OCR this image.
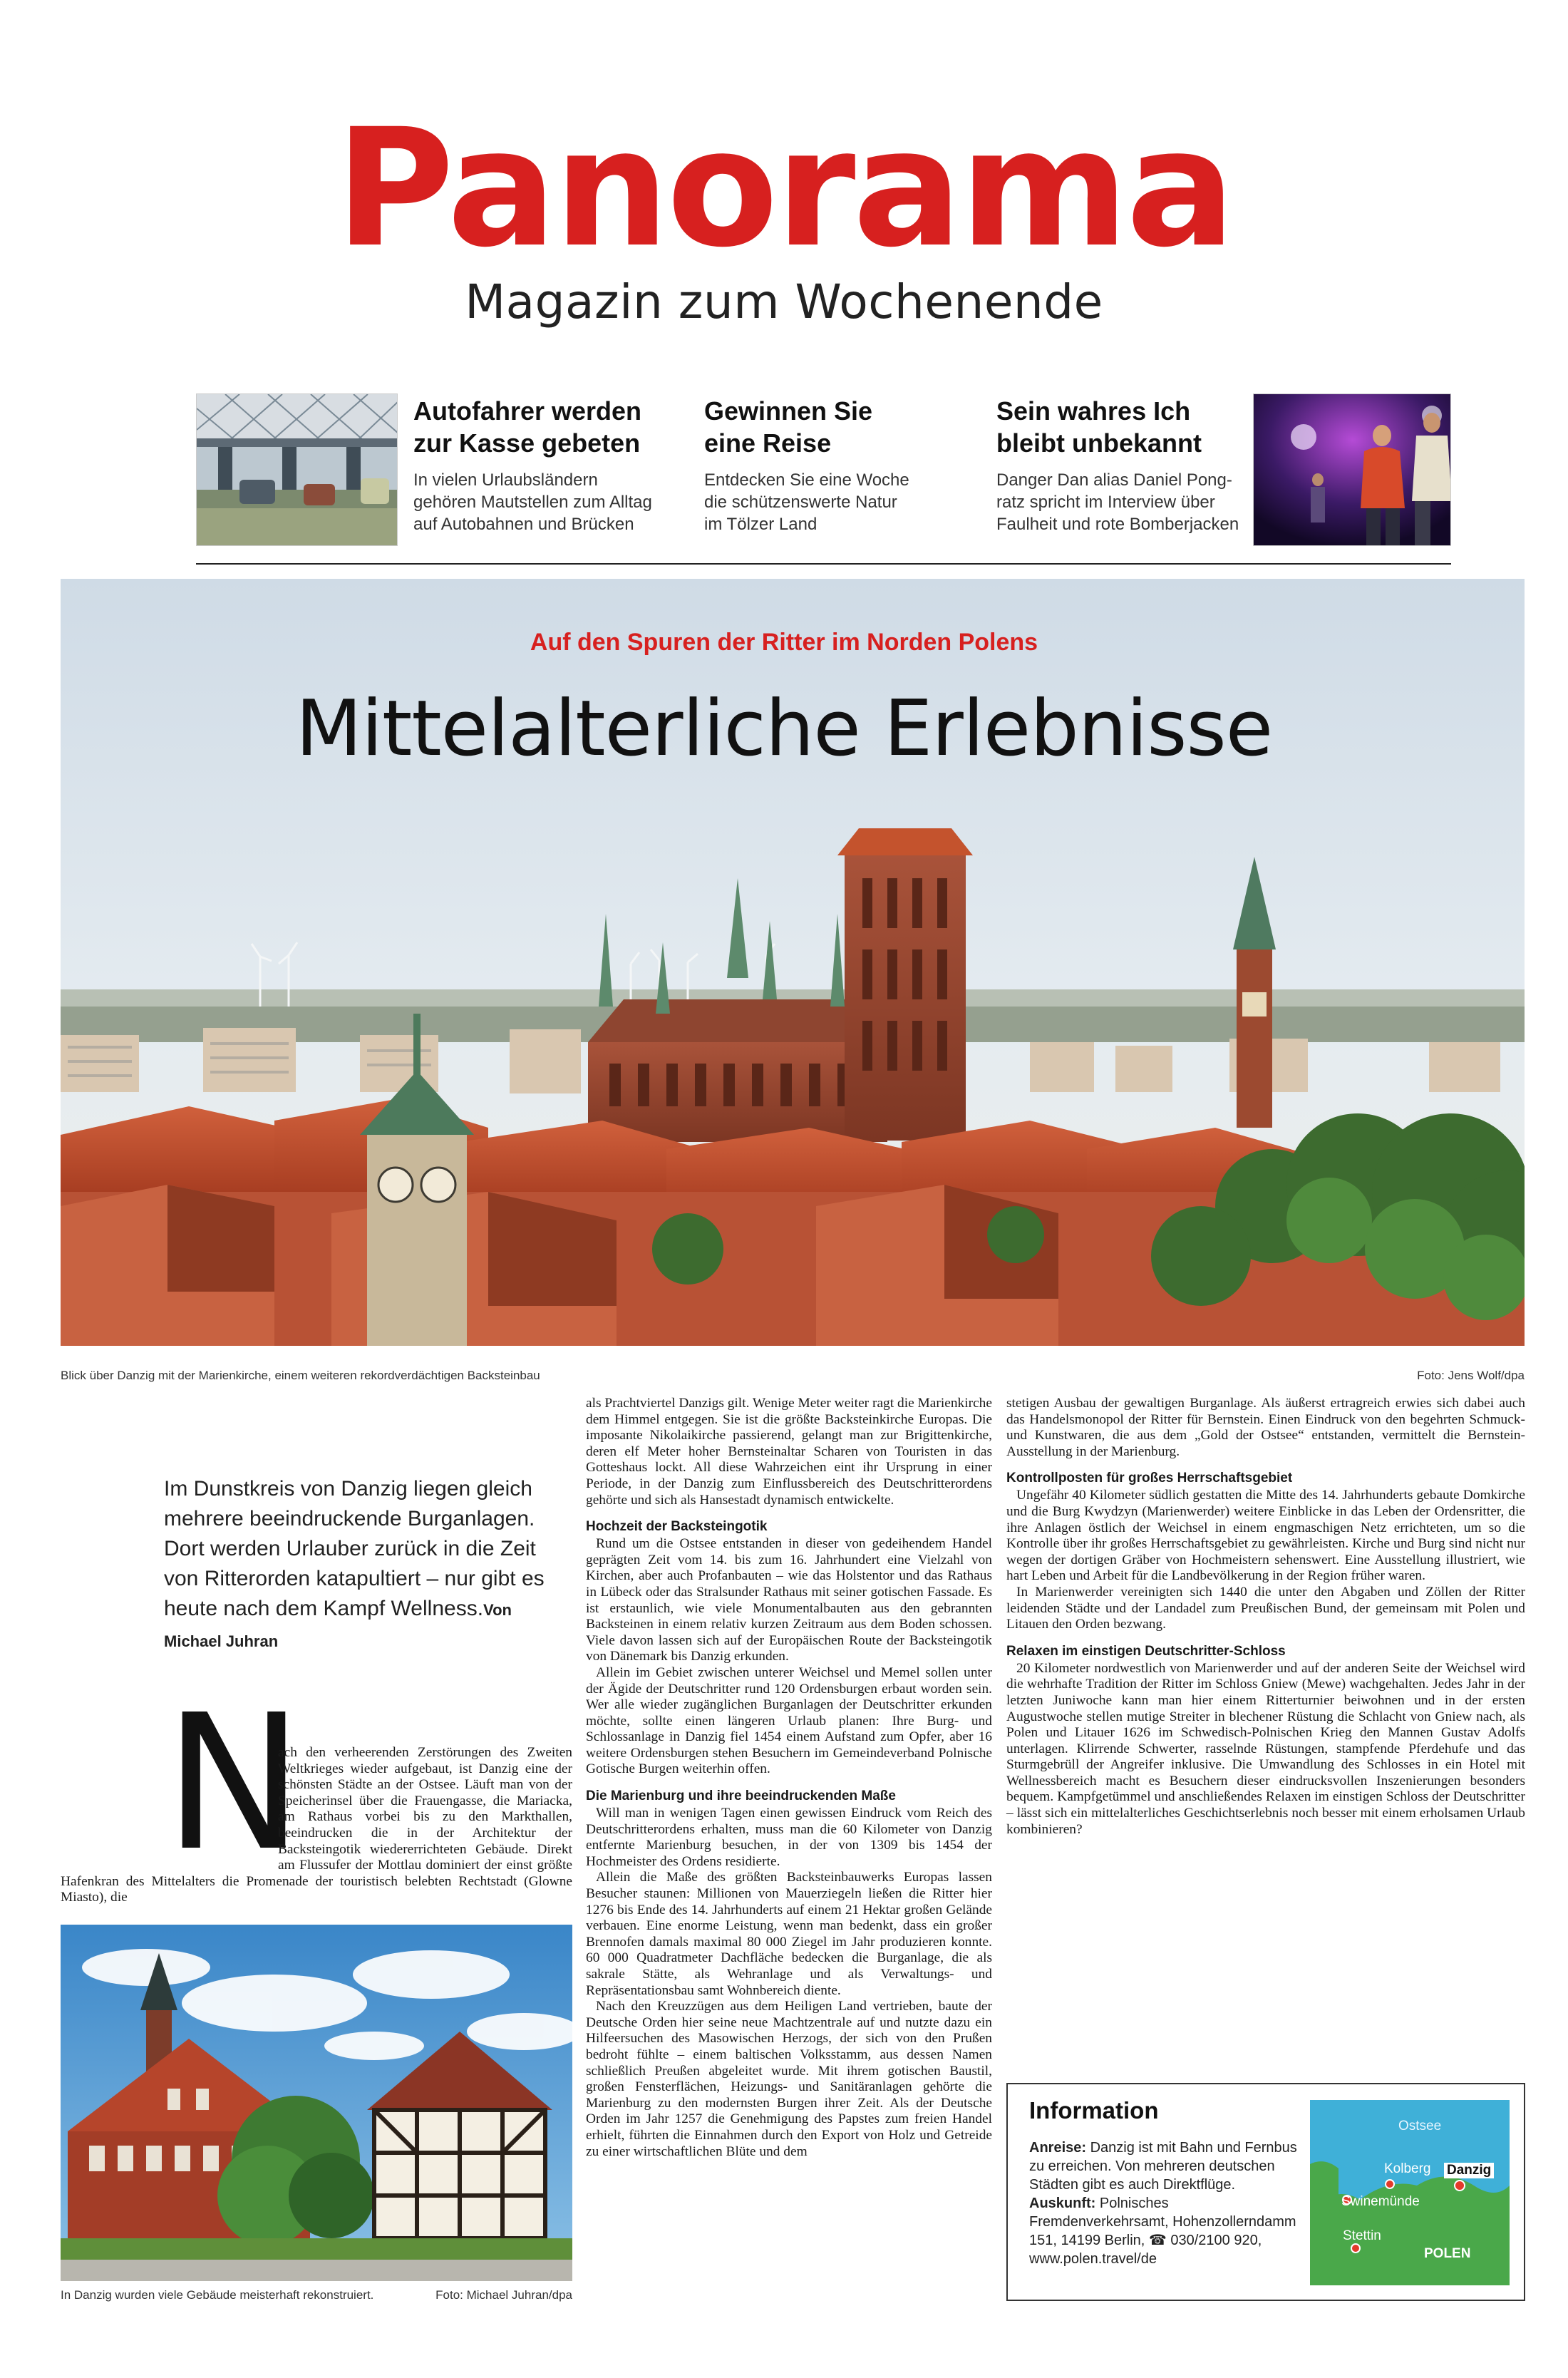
Panorama
Magazin zum Wochenende
Autofahrer werden
zur Kasse gebeten
In vielen Urlaubsländern
gehören Mautstellen zum Alltag
auf Autobahnen und Brücken
Gewinnen Sie
eine Reise
Entdecken Sie eine Woche
die schützenswerte Natur
im Tölzer Land
Sein wahres Ich
bleibt unbekannt
Danger Dan alias Daniel Pong-
ratz spricht im Interview über
Faulheit und rote Bomberjacken
Auf den Spuren der Ritter im Norden Polens
Mittelalterliche Erlebnisse
Blick über Danzig mit der Marienkirche, einem weiteren rekordverdächtigen Backsteinbau	Foto: Jens Wolf/dpa
Im Dunstkreis von Danzig liegen gleich mehrere beeindruckende Burganlagen. Dort werden Urlauber zurück in die Zeit von Ritterorden katapultiert – nur gibt es heute nach dem Kampf Wellness.Von Michael Juhran
N

ach den verheerenden Zerstörungen des Zweiten Weltkrieges wieder aufgebaut, ist Danzig eine der schönsten Städte an der Ostsee. Läuft man von der Speicherinsel über die Frauengasse, die Mariacka, am Rathaus vorbei bis zu den Markthallen, beeindrucken die in der Architektur der Backsteingotik wiedererrichteten Gebäude. Direkt am Flussufer der Mottlau dominiert der einst größte Hafenkran des Mittelalters die Promenade der touristisch belebten Rechtstadt (Glowne Miasto), die

In Danzig wurden viele Gebäude meisterhaft rekonstruiert.	Foto: Michael Juhran/dpa

als Prachtviertel Danzigs gilt. Wenige Meter weiter ragt die Marienkirche dem Himmel entgegen. Sie ist die größte Backsteinkirche Europas. Die imposante Nikolaikirche passierend, gelangt man zur Brigittenkirche, deren elf Meter hoher Bernsteinaltar Scharen von Touristen in das Gotteshaus lockt. All diese Wahrzeichen eint ihr Ursprung in einer Periode, in der Danzig zum Einflussbereich des Deutschritterordens gehörte und sich als Hansestadt dynamisch entwickelte.

Hochzeit der Backsteingotik

Rund um die Ostsee entstanden in dieser von gedeihendem Handel geprägten Zeit vom 14. bis zum 16. Jahrhundert eine Vielzahl von Kirchen, aber auch Profanbauten – wie das Holstentor und das Rathaus in Lübeck oder das Stralsunder Rathaus mit seiner gotischen Fassade. Es ist erstaunlich, wie viele Monumentalbauten aus den gebrannten Backsteinen in einem relativ kurzen Zeitraum aus dem Boden schossen. Viele davon lassen sich auf der Europäischen Route der Backsteingotik von Dänemark bis Danzig erkunden.

Allein im Gebiet zwischen unterer Weichsel und Memel sollen unter der Ägide der Deutschritter rund 120 Ordensburgen erbaut worden sein. Wer alle wieder zugänglichen Burganlagen der Deutschritter erkunden möchte, sollte einen längeren Urlaub planen: Ihre Burg- und Schlossanlage in Danzig fiel 1454 einem Aufstand zum Opfer, aber 16 weitere Ordensburgen stehen Besuchern im Gemeindeverband Polnische Gotische Burgen weiterhin offen.

Die Marienburg und ihre beeindruckenden Maße

Will man in wenigen Tagen einen gewissen Eindruck vom Reich des Deutschritterordens erhalten, muss man die 60 Kilometer von Danzig entfernte Marienburg besuchen, in der von 1309 bis 1454 der Hochmeister des Ordens residierte.

Allein die Maße des größten Backsteinbauwerks Europas lassen Besucher staunen: Millionen von Mauerziegeln ließen die Ritter hier 1276 bis Ende des 14. Jahrhunderts auf einem 21 Hektar großen Gelände verbauen. Eine enorme Leistung, wenn man bedenkt, dass ein großer Brennofen damals maximal 80 000 Ziegel im Jahr produzieren konnte. 60 000 Quadratmeter Dachfläche bedecken die Burganlage, die als sakrale Stätte, als Wehranlage und als Verwaltungs- und Repräsentationsbau samt Wohnbereich diente.

Nach den Kreuzzügen aus dem Heiligen Land vertrieben, baute der Deutsche Orden hier seine neue Machtzentrale auf und nutzte dazu ein Hilfeersuchen des Masowischen Herzogs, der sich von den Prußen bedroht fühlte – einem baltischen Volksstamm, aus dessen Namen schließlich Preußen abgeleitet wurde. Mit ihrem gotischen Baustil, großen Fensterflächen, Heizungs- und Sanitäranlagen gehörte die Marienburg zu den modernsten Burgen ihrer Zeit. Als der Deutsche Orden im Jahr 1257 die Genehmigung des Papstes zum freien Handel erhielt, führten die Einnahmen durch den Export von Holz und Getreide zu einer wirtschaftlichen Blüte und dem

stetigen Ausbau der gewaltigen Burganlage. Als äußerst ertragreich erwies sich dabei auch das Handelsmonopol der Ritter für Bernstein. Einen Eindruck von den begehrten Schmuck- und Kunstwaren, die aus dem „Gold der Ostsee“ entstanden, vermittelt die Bernstein-Ausstellung in der Marienburg.

Kontrollposten für großes Herrschaftsgebiet

Ungefähr 40 Kilometer südlich gestatten die Mitte des 14. Jahrhunderts gebaute Domkirche und die Burg Kwydzyn (Marienwerder) weitere Einblicke in das Leben der Ordensritter, die ihre Anlagen östlich der Weichsel in einem engmaschigen Netz errichteten, um so die Kontrolle über ihr großes Herrschaftsgebiet zu gewährleisten. Kirche und Burg sind nicht nur wegen der dortigen Gräber von Hochmeistern sehenswert. Eine Ausstellung illustriert, wie hart Leben und Arbeit für die Landbevölkerung in der Region früher waren.

In Marienwerder vereinigten sich 1440 die unter den Abgaben und Zöllen der Ritter leidenden Städte und der Landadel zum Preußischen Bund, der gemeinsam mit Polen und Litauen den Orden bezwang.

Relaxen im einstigen Deutschritter-Schloss

20 Kilometer nordwestlich von Marienwerder und auf der anderen Seite der Weichsel wird die wehrhafte Tradition der Ritter im Schloss Gniew (Mewe) wachgehalten. Jedes Jahr in der letzten Juniwoche kann man hier einem Ritterturnier beiwohnen und in der ersten Augustwoche stellen mutige Streiter in blechener Rüstung die Schlacht von Gniew nach, als Polen und Litauer 1626 im Schwedisch-Polnischen Krieg den Mannen Gustav Adolfs unterlagen. Klirrende Schwerter, rasselnde Rüstungen, stampfende Pferdehufe und das Sturmgebrüll der Angreifer inklusive. Die Umwandlung des Schlosses in ein Hotel mit Wellnessbereich macht es Besuchern dieser eindrucksvollen Inszenierungen besonders bequem. Kampfgetümmel und anschließendes Relaxen im einstigen Schloss der Deutschritter – lässt sich ein mittelalterliches Geschichtserlebnis noch besser mit einem erholsamen Urlaub kombinieren?

Information
Anreise: Danzig ist mit Bahn und Fernbus zu erreichen. Von mehreren deutschen Städten gibt es auch Direktflüge.
Auskunft: Polnisches Fremdenverkehrsamt, Hohenzollerndamm 151, 14199 Berlin, ☎ 030/2100 920, www.polen.travel/de
Ostsee
Kolberg Danzig
Swinemünde
Stettin
POLEN
